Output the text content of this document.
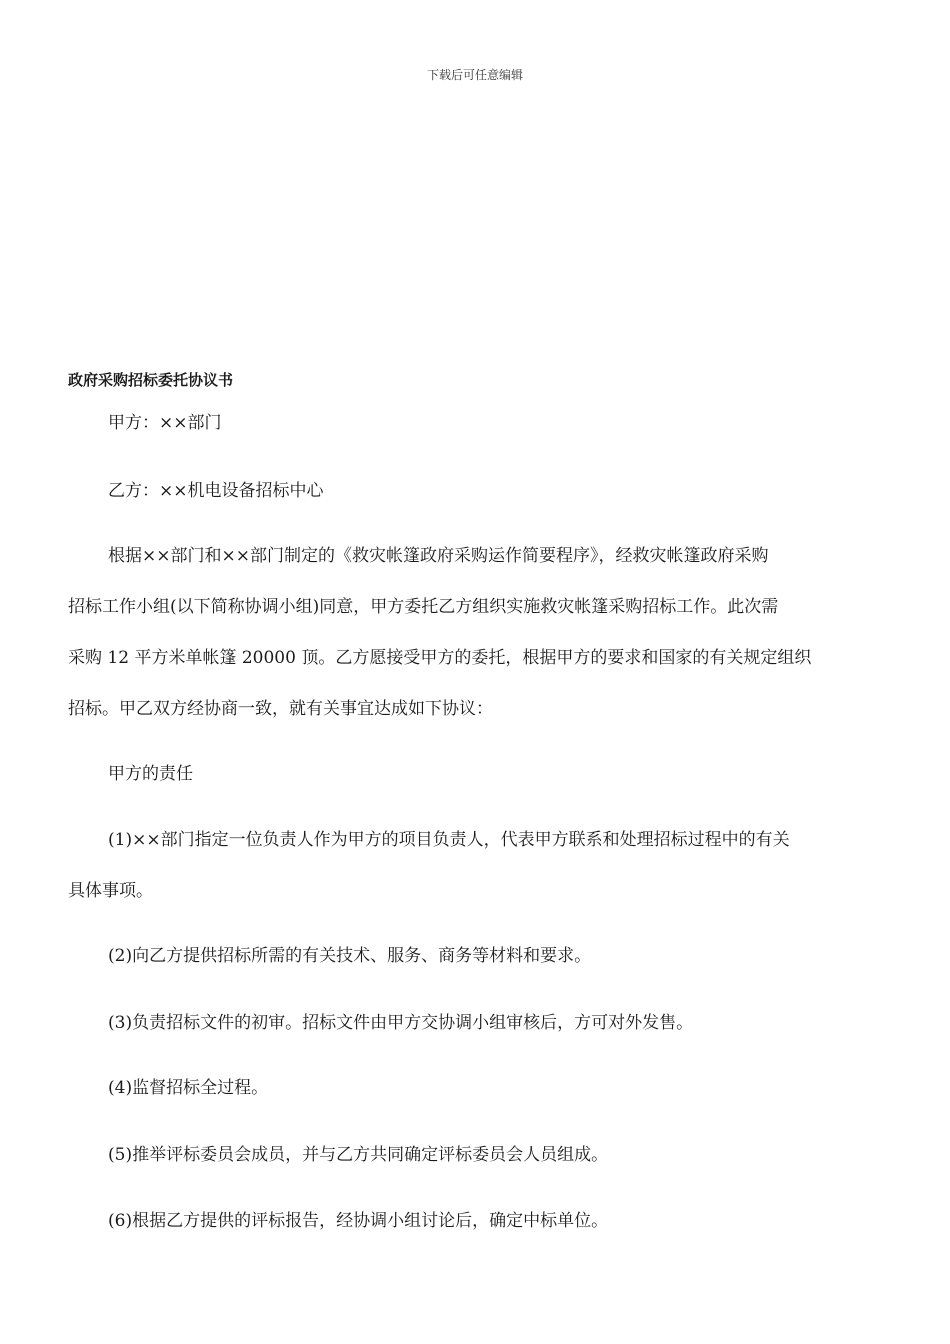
下载后可任意编辑
政府采购招标委托协议书

甲方：××部门

乙方：××机电设备招标中心

根据××部门和××部门制定的《救灾帐篷政府采购运作简要程序》，经救灾帐篷政府采购

招标工作小组(以下简称协调小组)同意，甲方委托乙方组织实施救灾帐篷采购招标工作。此次需

采购 12 平方米单帐篷 20000 顶。乙方愿接受甲方的委托，根据甲方的要求和国家的有关规定组织

招标。甲乙双方经协商一致，就有关事宜达成如下协议：

甲方的责任

(1)××部门指定一位负责人作为甲方的项目负责人，代表甲方联系和处理招标过程中的有关

具体事项。

(2)向乙方提供招标所需的有关技术、服务、商务等材料和要求。

(3)负责招标文件的初审。招标文件由甲方交协调小组审核后，方可对外发售。

(4)监督招标全过程。

(5)推举评标委员会成员，并与乙方共同确定评标委员会人员组成。

(6)根据乙方提供的评标报告，经协调小组讨论后，确定中标单位。
